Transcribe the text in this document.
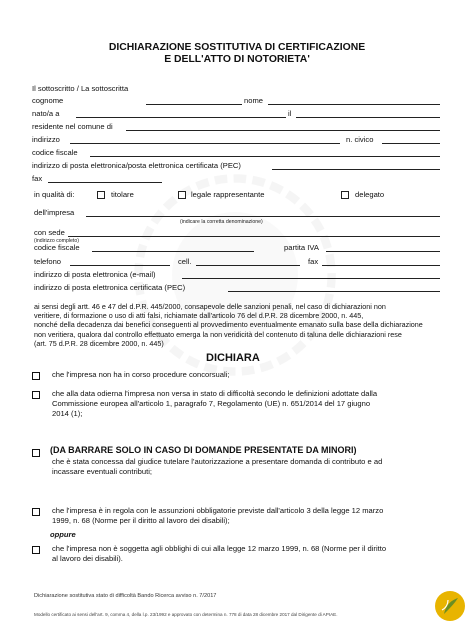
DICHIARAZIONE SOSTITUTIVA DI CERTIFICAZIONE
E DELL'ATTO DI NOTORIETA'
Il sottoscritto / La sottoscritta
cognome	nome
nato/a a	il
residente nel comune di
indirizzo	n. civico
codice fiscale
indirizzo di posta elettronica/posta elettronica certificata (PEC)
fax
in qualità di:	titolare	legale rappresentante	delegato
dell'impresa
(indicare la corretta denominazione)
con sede
(indirizzo completo)
codice fiscale	partita IVA
telefono	cell.	fax
indirizzo di posta elettronica (e-mail)
indirizzo di posta elettronica certificata (PEC)
ai sensi degli artt. 46 e 47 del d.P.R. 445/2000, consapevole delle sanzioni penali, nel caso di dichiarazioni non
veritiere, di formazione o uso di atti falsi, richiamate dall'articolo 76 del d.P.R. 28 dicembre 2000, n. 445,
nonché della decadenza dai benefici conseguenti al provvedimento eventualmente emanato sulla base della dichiarazione
non veritiera, qualora dal controllo effettuato emerga la non veridicità del contenuto di taluna delle dichiarazioni rese
(art. 75 d.P.R. 28 dicembre 2000, n. 445)
DICHIARA
che l'impresa non ha in corso procedure concorsuali;
che alla data odierna l'impresa non versa in stato di difficoltà secondo le definizioni adottate dalla
Commissione europea all'articolo 1, paragrafo 7, Regolamento (UE) n. 651/2014 del 17 giugno
2014 (1);
(DA BARRARE SOLO IN CASO DI DOMANDE PRESENTATE DA MINORI)
che è stata concessa dal giudice tutelare l'autorizzazione a presentare domanda di contributo e ad
incassare eventuali contributi;
che l'impresa è in regola con le assunzioni obbligatorie previste dall'articolo 3 della legge 12 marzo
1999, n. 68 (Norme per il diritto al lavoro dei disabili);
oppure
che l'impresa non è soggetta agli obblighi di cui alla legge 12 marzo 1999, n. 68 (Norme per il diritto
al lavoro dei disabili).
Dichiarazione sostitutiva stato di difficoltà Bando Ricerca avviso n. 7/2017
Modello certificato ai sensi dell'art. 9, comma 4, della l.p. 23/1992 e approvato con determina n. 778 di data 28 dicembre 2017 dal Dirigente di APIAE.
